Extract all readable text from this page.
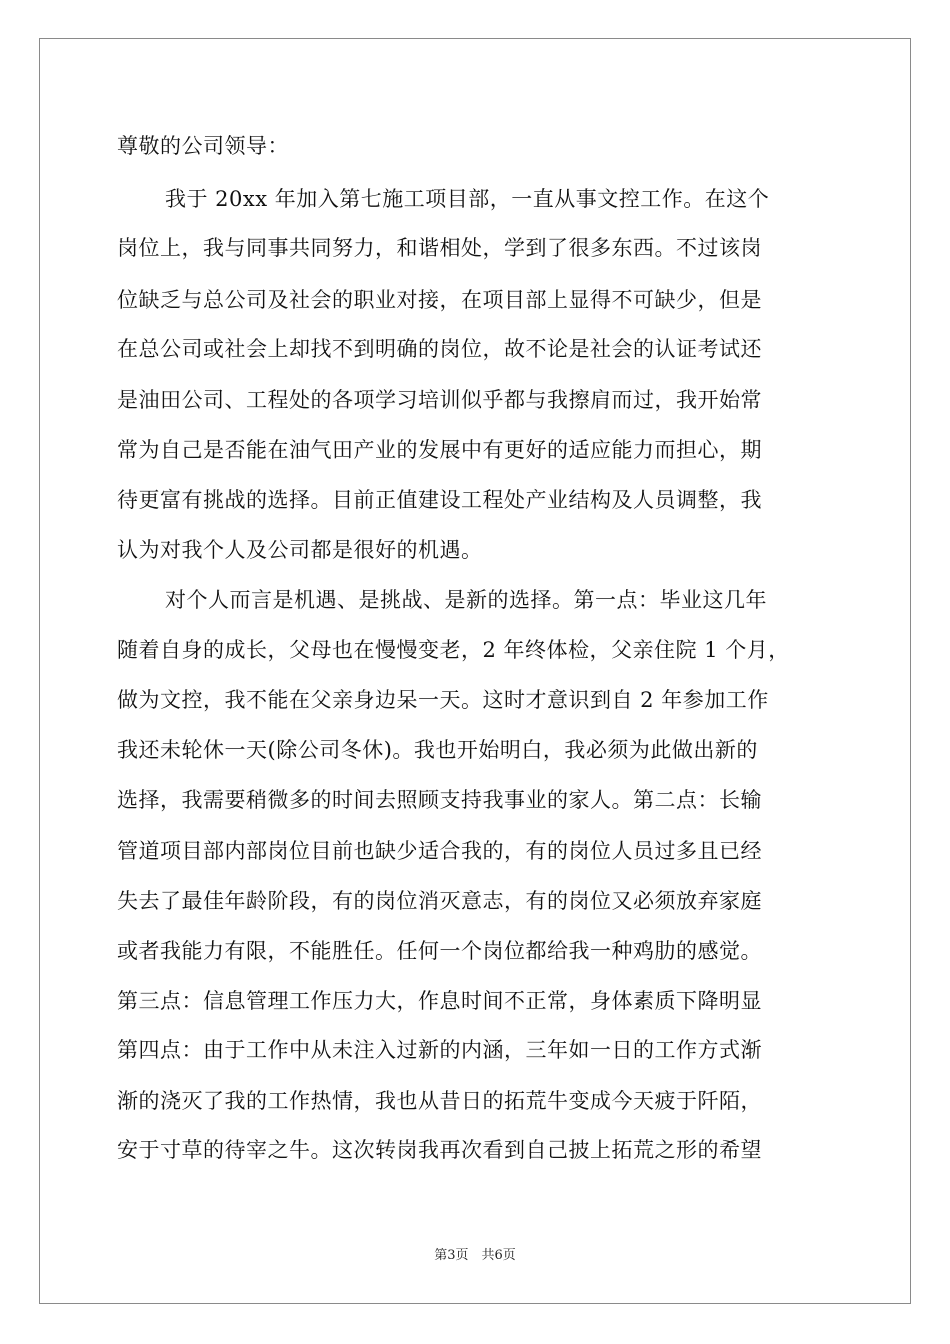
尊敬的公司领导：
我于 20xx 年加入第七施工项目部，一直从事文控工作。在这个
岗位上，我与同事共同努力，和谐相处，学到了很多东西。不过该岗
位缺乏与总公司及社会的职业对接，在项目部上显得不可缺少，但是
在总公司或社会上却找不到明确的岗位，故不论是社会的认证考试还
是油田公司、工程处的各项学习培训似乎都与我擦肩而过，我开始常
常为自己是否能在油气田产业的发展中有更好的适应能力而担心，期
待更富有挑战的选择。目前正值建设工程处产业结构及人员调整，我
认为对我个人及公司都是很好的机遇。
对个人而言是机遇、是挑战、是新的选择。第一点：毕业这几年
随着自身的成长，父母也在慢慢变老，2 年终体检，父亲住院 1 个月，
做为文控，我不能在父亲身边呆一天。这时才意识到自 2 年参加工作
我还未轮休一天(除公司冬休)。我也开始明白，我必须为此做出新的
选择，我需要稍微多的时间去照顾支持我事业的家人。第二点：长输
管道项目部内部岗位目前也缺少适合我的，有的岗位人员过多且已经
失去了最佳年龄阶段，有的岗位消灭意志，有的岗位又必须放弃家庭
或者我能力有限，不能胜任。任何一个岗位都给我一种鸡肋的感觉。
第三点：信息管理工作压力大，作息时间不正常，身体素质下降明显
第四点：由于工作中从未注入过新的内涵，三年如一日的工作方式渐
渐的浇灭了我的工作热情，我也从昔日的拓荒牛变成今天疲于阡陌，
安于寸草的待宰之牛。这次转岗我再次看到自己披上拓荒之形的希望
第3页　共6页
